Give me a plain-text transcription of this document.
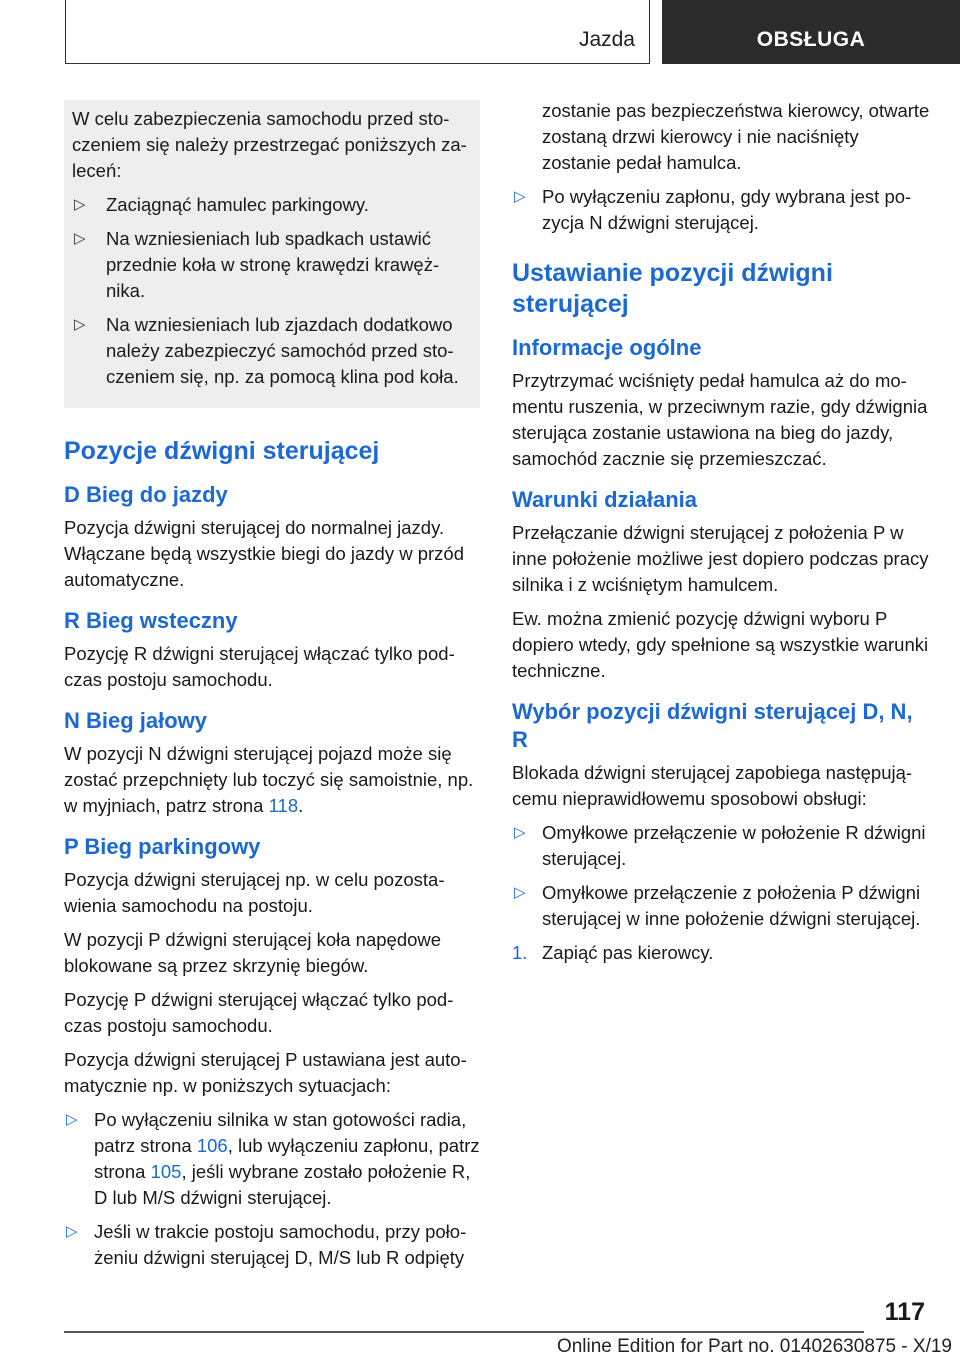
Jazda	OBSŁUGA

W celu zabezpieczenia samochodu przed stoczeniem się należy przestrzegać poniższych zaleceń:

▷ Zaciągnąć hamulec parkingowy.
▷ Na wzniesieniach lub spadkach ustawić przednie koła w stronę krawędzi krawężnika.
▷ Na wzniesieniach lub zjazdach dodatkowo należy zabezpieczyć samochód przed stoczeniem się, np. za pomocą klina pod koła.
Pozycje dźwigni sterującej
D Bieg do jazdy

Pozycja dźwigni sterującej do normalnej jazdy. Włączane będą wszystkie biegi do jazdy w przód automatyczne.

R Bieg wsteczny

Pozycję R dźwigni sterującej włączać tylko podczas postoju samochodu.

N Bieg jałowy

W pozycji N dźwigni sterującej pojazd może się zostać przepchnięty lub toczyć się samoistnie, np. w myjniach, patrz strona 118.

P Bieg parkingowy

Pozycja dźwigni sterującej np. w celu pozostawienia samochodu na postoju.

W pozycji P dźwigni sterującej koła napędowe blokowane są przez skrzynię biegów.

Pozycję P dźwigni sterującej włączać tylko podczas postoju samochodu.

Pozycja dźwigni sterującej P ustawiana jest automatycznie np. w poniższych sytuacjach:

▷ Po wyłączeniu silnika w stan gotowości radia, patrz strona 106, lub wyłączeniu zapłonu, patrz strona 105, jeśli wybrane zostało położenie R, D lub M/S dźwigni sterującej.
▷ Jeśli w trakcie postoju samochodu, przy położeniu dźwigni sterującej D, M/S lub R odpięty
zostanie pas bezpieczeństwa kierowcy, otwarte zostaną drzwi kierowcy i nie naciśnięty zostanie pedał hamulca.
▷ Po wyłączeniu zapłonu, gdy wybrana jest pozycja N dźwigni sterującej.
Ustawianie pozycji dźwigni sterującej
Informacje ogólne

Przytrzymać wciśnięty pedał hamulca aż do momentu ruszenia, w przeciwnym razie, gdy dźwignia sterująca zostanie ustawiona na bieg do jazdy, samochód zacznie się przemieszczać.

Warunki działania

Przełączanie dźwigni sterującej z położenia P w inne położenie możliwe jest dopiero podczas pracy silnika i z wciśniętym hamulcem.

Ew. można zmienić pozycję dźwigni wyboru P dopiero wtedy, gdy spełnione są wszystkie warunki techniczne.

Wybór pozycji dźwigni sterującej D, N, R

Blokada dźwigni sterującej zapobiega następującemu nieprawidłowemu sposobowi obsługi:

▷ Omyłkowe przełączenie w położenie R dźwigni sterującej.
▷ Omyłkowe przełączenie z położenia P dźwigni sterującej w inne położenie dźwigni sterującej.
1. Zapiąć pas kierowcy.
117
Online Edition for Part no. 01402630875 - X/19
